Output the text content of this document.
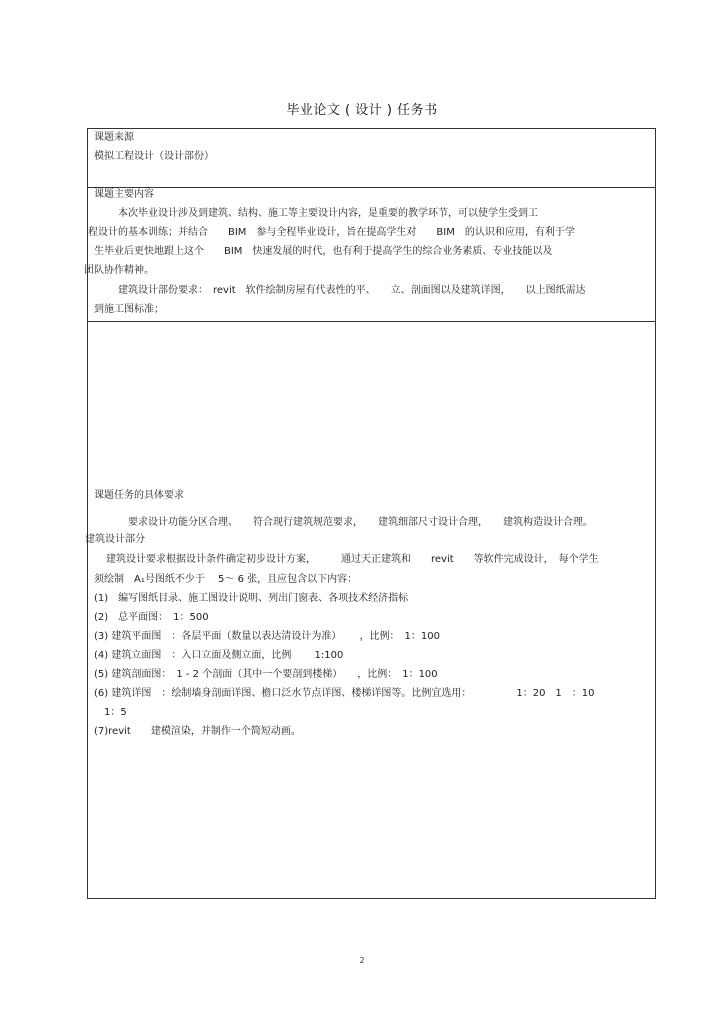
毕业论文 ( 设计 ) 任务书
课题来源
模拟工程设计（设计部份）
课题主要内容
本次毕业设计涉及到建筑、结构、施工等主要设计内容，是重要的教学环节，可以使学生受到工
程设计的基本训练；并结合　　BIM　参与全程毕业设计，旨在提高学生对　　BIM　的认识和应用，有利于学
生毕业后更快地跟上这个　　BIM　快速发展的时代，也有利于提高学生的综合业务素质、专业技能以及
团队协作精神。
建筑设计部份要求：　revit　软件绘制房屋有代表性的平、　　立、剖面图以及建筑详图，　　以上图纸需达
到施工图标准；
课题任务的具体要求
要求设计功能分区合理、　　符合现行建筑规范要求，　　建筑细部尺寸设计合理，　　建筑构造设计合理。
建筑设计部分
建筑设计要求根据设计条件确定初步设计方案，　　　通过天正建筑和　　revit　　等软件完成设计，　每个学生
须绘制　A₁号图纸不少于　 5～ 6 张，且应包含以下内容：
(1)　编写图纸目录、施工图设计说明、列出门窗表、各项技术经济指标
(2)　总平面图：　1：500
(3) 建筑平面图　：各层平面（数量以表达清设计为准）　　 ，比例：　1：100
(4) 建筑立面图　：入口立面及侧立面，比例　　 1:100
(5) 建筑剖面图：　1 - 2 个剖面（其中一个要剖到楼梯）　　，比例：　1：100
(6) 建筑详图　：绘制墙身剖面详图、檐口泛水节点详图、楼梯详图等。比例宜选用：　　　　　1：20　1　：10
1：5
(7)revit　　建模渲染，并制作一个简短动画。
2
